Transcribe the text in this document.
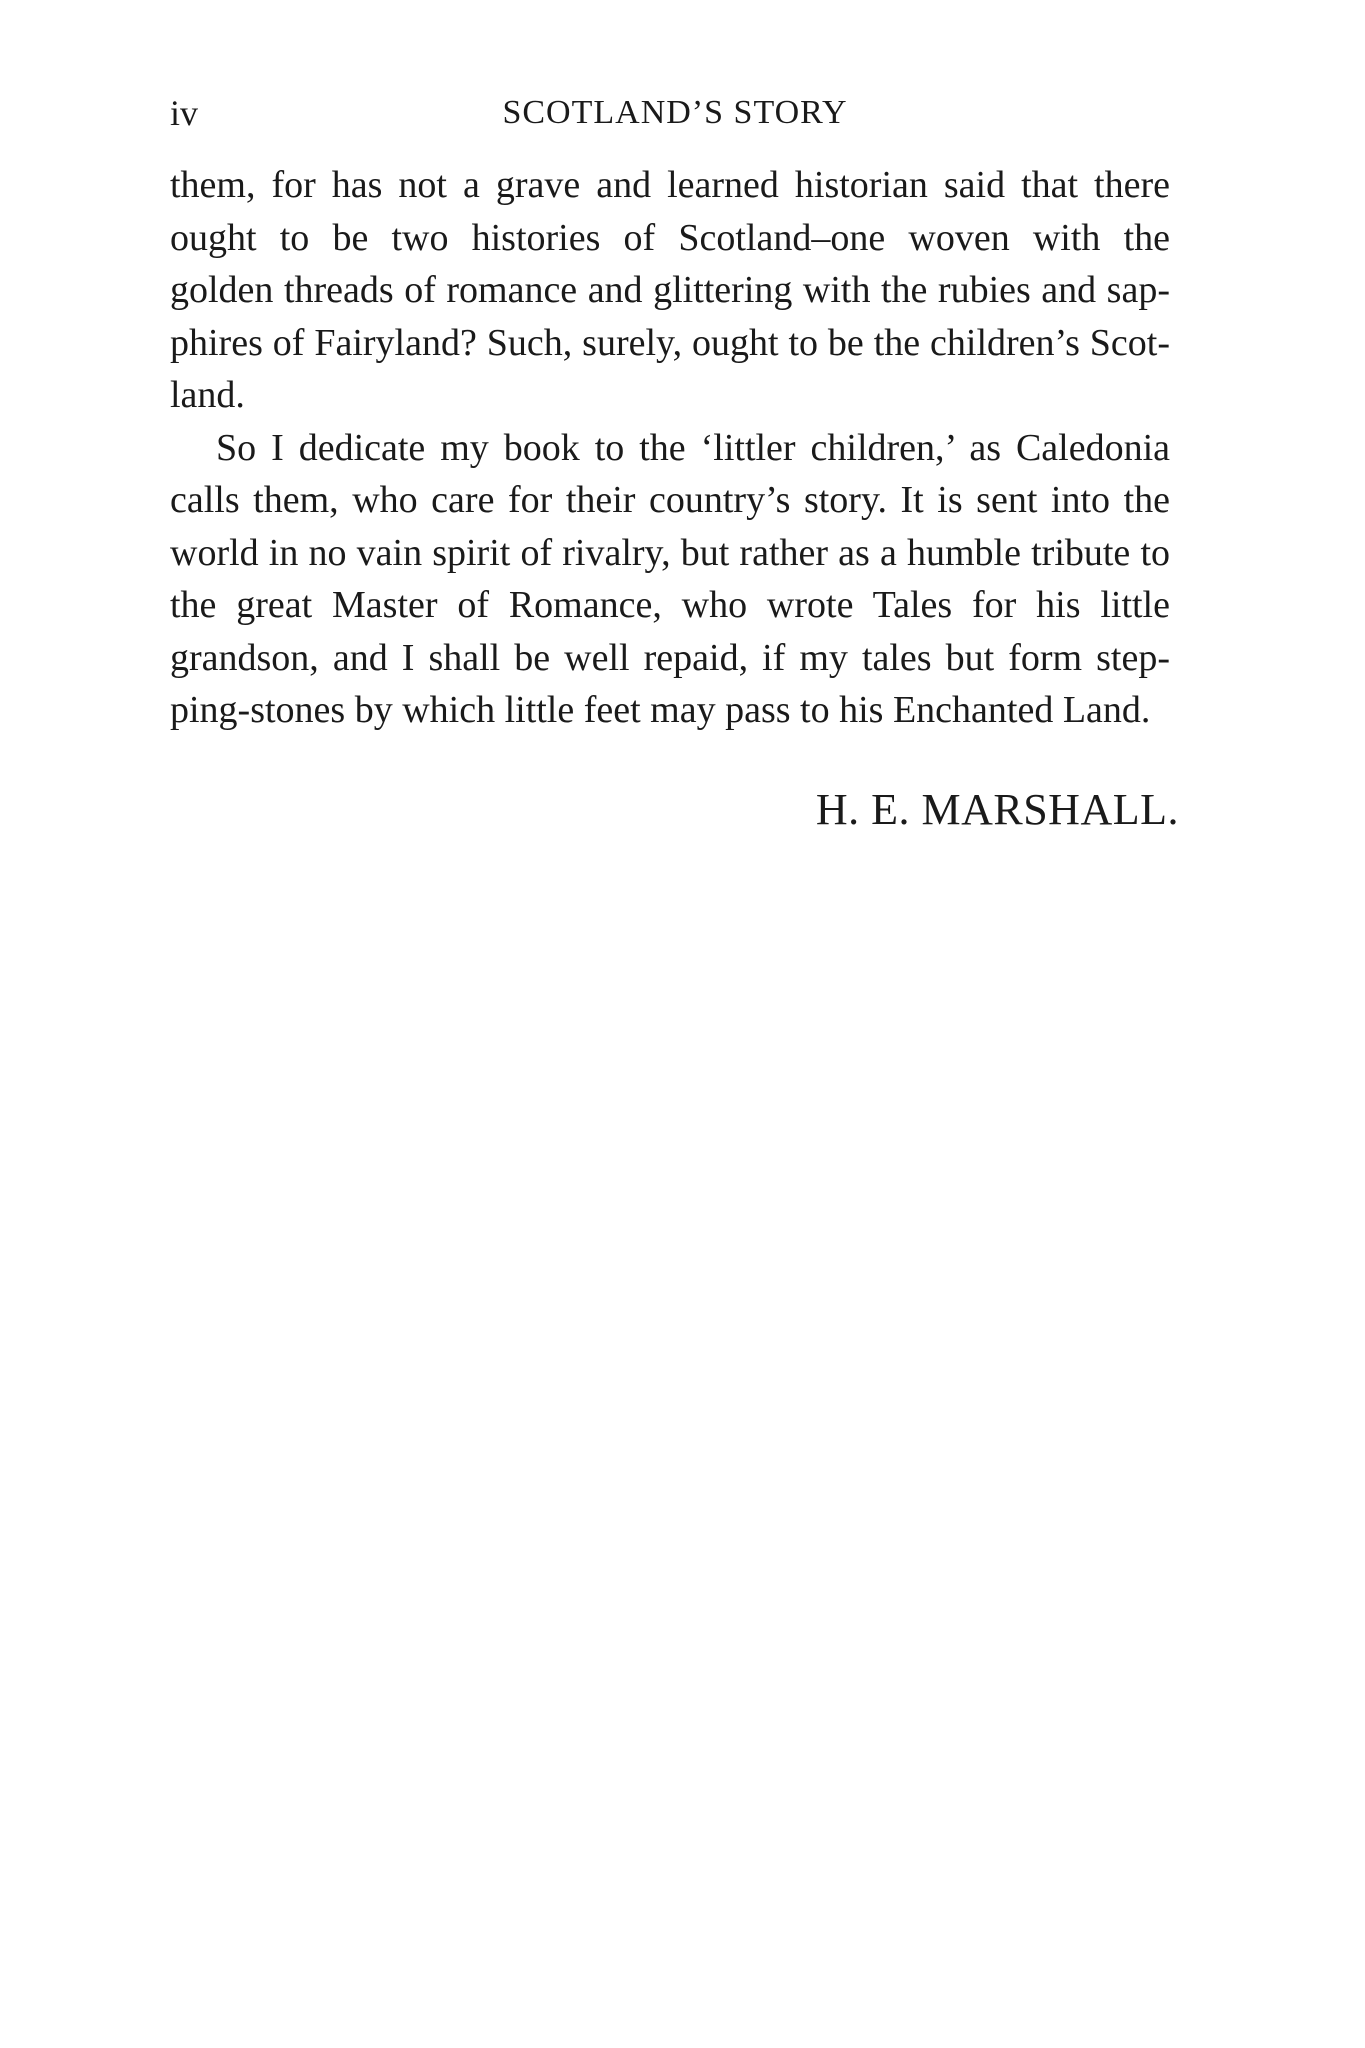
iv	SCOTLAND’S STORY
them, for has not a grave and learned historian said that there
ought to be two histories of Scotland–one woven with the
golden threads of romance and glittering with the rubies and sap-
phires of Fairyland? Such, surely, ought to be the children’s Scot-
land.
So I dedicate my book to the ‘littler children,’ as Caledonia
calls them, who care for their country’s story. It is sent into the
world in no vain spirit of rivalry, but rather as a humble tribute to
the great Master of Romance, who wrote Tales for his little
grandson, and I shall be well repaid, if my tales but form step-
ping-stones by which little feet may pass to his Enchanted Land.
H. E. MARSHALL.
